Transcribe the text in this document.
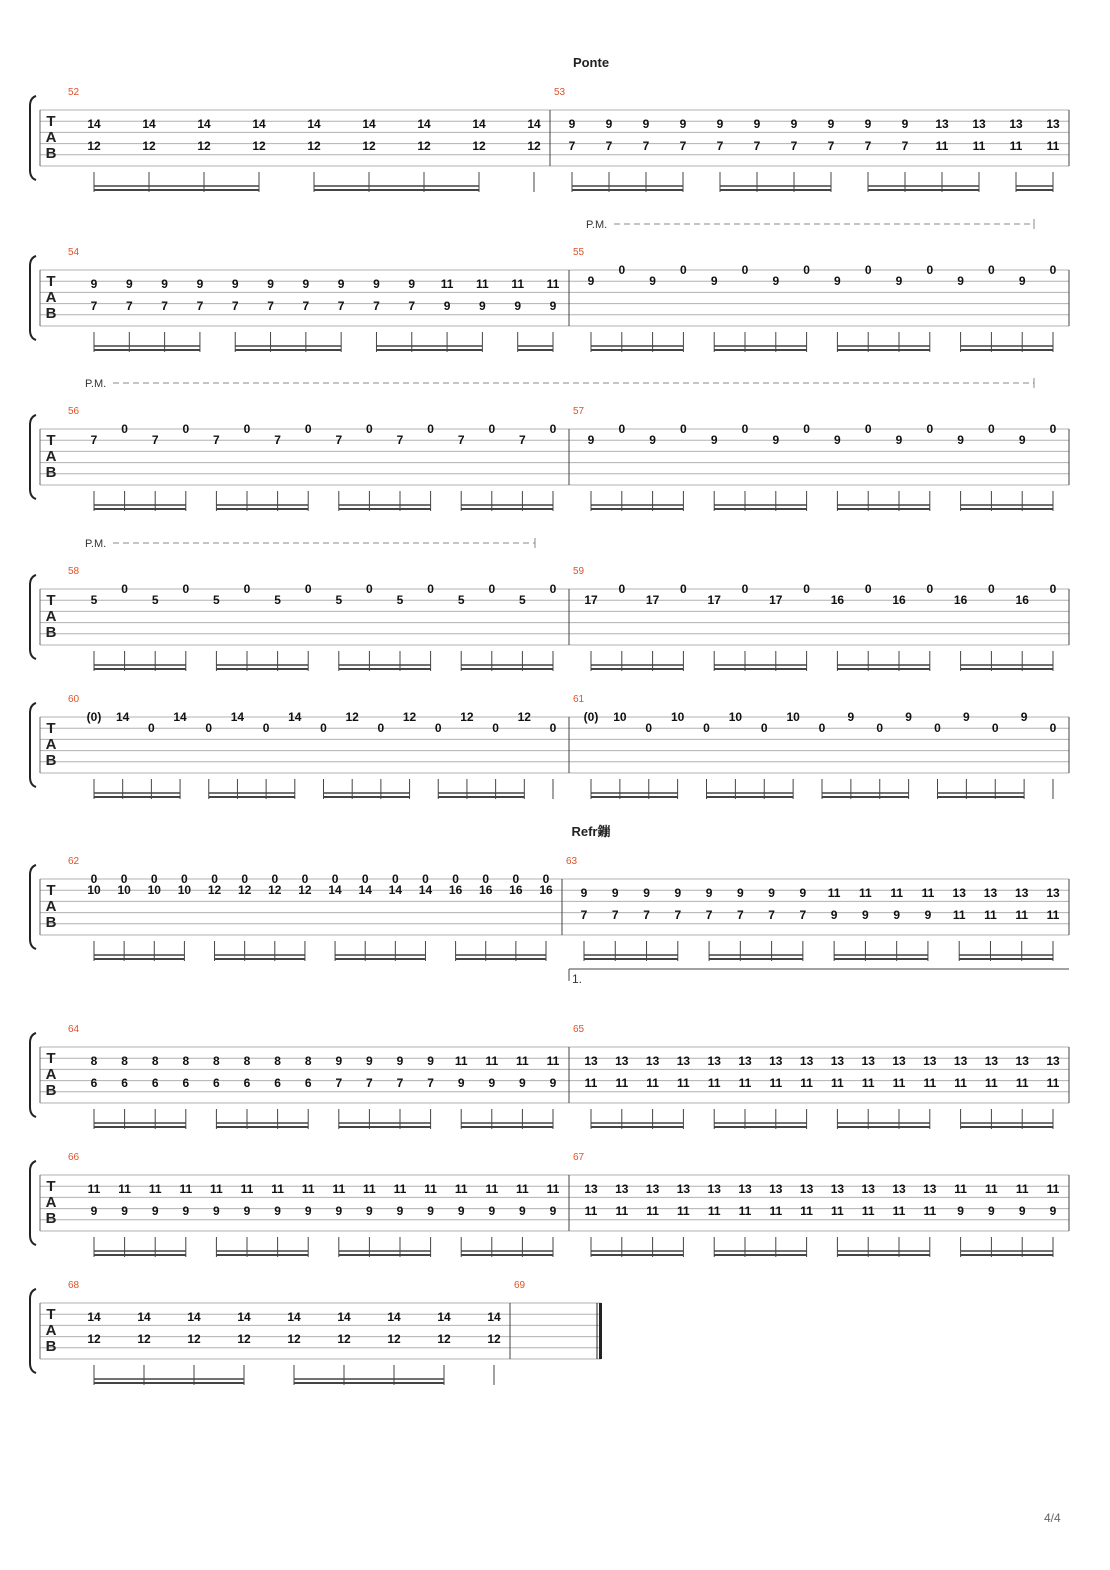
Ponte
Refr鏰
T
A
B
52
14
12
14
12
14
12
14
12
14
12
14
12
14
12
14
12
14
12
53
9
7
9
7
9
7
9
7
9
7
9
7
9
7
9
7
9
7
9
7
13
11
13
11
13
11
13
11
T
A
B
54
9
7
9
7
9
7
9
7
9
7
9
7
9
7
9
7
9
7
9
7
11
9
11
9
11
9
11
9
55
9
0
9
0
9
0
9
0
9
0
9
0
9
0
9
0
T
A
B
56
7
0
7
0
7
0
7
0
7
0
7
0
7
0
7
0
57
9
0
9
0
9
0
9
0
9
0
9
0
9
0
9
0
T
A
B
58
5
0
5
0
5
0
5
0
5
0
5
0
5
0
5
0
59
17
0
17
0
17
0
17
0
16
0
16
0
16
0
16
0
T
A
B
60
(0) 14
0
14
0
14
0
14
0
12
0
12
0
12
0
12
0
61
(0) 10
0
10
0
10
0
10
0
9
0
9
0
9
0
9
0
T
A
B
62
0
10
0
10
0
10
0
10
0
12
0
12
0
12
0
12
0
14
0
14
0
14
0
14
0
16
0
16
0
16
0
16
63
9
7
9
7
9
7
9
7
9
7
9
7
9
7
9
7
11
9
11
9
11
9
11
9
13
11
13
11
13
11
13
11
T
A
B
64
8
6
8
6
8
6
8
6
8
6
8
6
8
6
8
6
9
7
9
7
9
7
9
7
11
9
11
9
11
9
11
9
65
13
11
13
11
13
11
13
11
13
11
13
11
13
11
13
11
13
11
13
11
13
11
13
11
13
11
13
11
13
11
13
11
T
A
B
66
11
9
11
9
11
9
11
9
11
9
11
9
11
9
11
9
11
9
11
9
11
9
11
9
11
9
11
9
11
9
11
9
67
13
11
13
11
13
11
13
11
13
11
13
11
13
11
13
11
13
11
13
11
13
11
13
11
11
9
11
9
11
9
11
9
T
A
B
68
14
12
14
12
14
12
14
12
14
12
14
12
14
12
14
12
14
12
69
P.M.
P.M.
P.M.
1.
4/4
